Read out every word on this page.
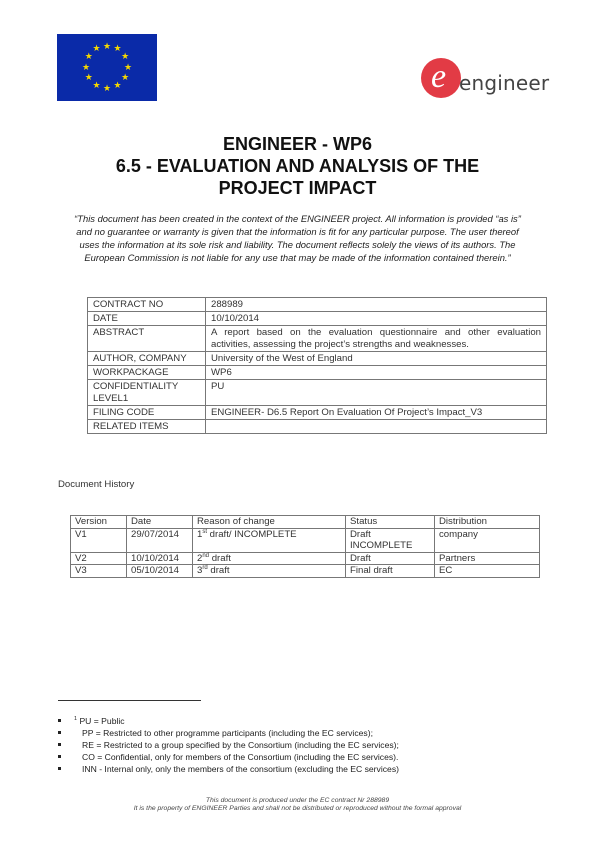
★ ★
★
★
★
★
★
★
★
★
★
★
e engineer
ENGINEER - WP6
6.5 - EVALUATION AND ANALYSIS OF THE
PROJECT IMPACT
“This document has been created in the context of the ENGINEER project. All information is provided “as is” and no guarantee or warranty is given that the information is fit for any particular purpose. The user thereof uses the information at its sole risk and liability. The document reflects solely the views of its authors. The European Commission is not liable for any use that may be made of the information contained therein.”
CONTRACT NO	288989
DATE	10/10/2014
ABSTRACT	A report based on the evaluation questionnaire and other evaluation activities, assessing the project’s strengths and weaknesses.
AUTHOR, COMPANY	University of the West of England
WORKPACKAGE	WP6
CONFIDENTIALITY LEVEL1	PU
FILING CODE	ENGINEER- D6.5 Report On Evaluation Of Project’s Impact_V3
RELATED ITEMS	
Document History
Version	Date	Reason of change	Status	Distribution
V1	29/07/2014	1st draft/ INCOMPLETE	Draft INCOMPLETE	company
V2	10/10/2014	2nd draft	Draft	Partners
V3	05/10/2014	3rd draft	Final draft	EC
$^1$ PU = Public
PP = Restricted to other programme participants (including the EC services);
RE = Restricted to a group specified by the Consortium (including the EC services);
CO = Confidential, only for members of the Consortium (including the EC services).
INN - Internal only, only the members of the consortium (excluding the EC services)
This document is produced under the EC contract Nr 288989
It is the property of ENGINEER Parties and shall not be distributed or reproduced without the formal approval
